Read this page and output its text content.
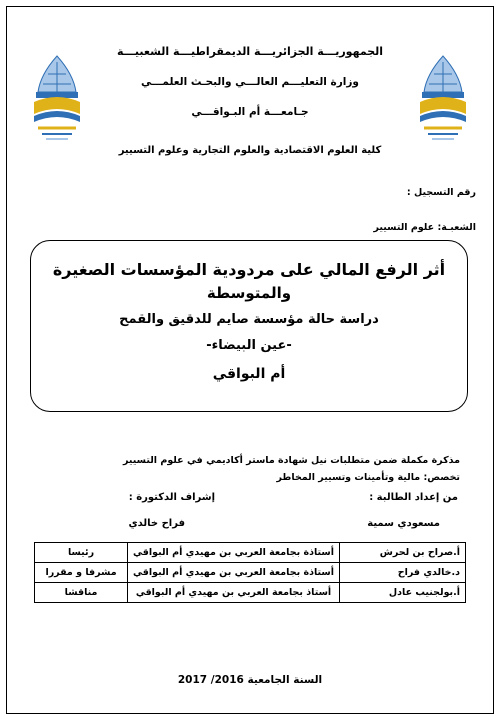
الجمهوريـــة الجزائريـــة الديمقراطيـــة الشعبيـــة
وزارة التعليـــم العالـــي والبحـث العلمـــي
جـامعـــة أم البـواقـــي
كلية العلوم الاقتصادية والعلوم التجارية وعلوم التسيير
رقم التسجيل :
الشعبـة: علوم التسيير
أثر الرفع المالي على مردودية المؤسسات الصغيرة
والمتوسطة
دراسة حالة مؤسسة صايم للدقيق والقمح
-عين البيضاء-
أم البواقي
مذكرة مكملة ضمن متطلبات نيل شهادة ماستر أكاديمي في علوم التسيير
تخصص: مالية وتأمينات وتسيير المخاطر
من إعداد الطالبة :
إشراف الدكتورة :
مسعودي سمية
فراح خالدي
أ.صراح بن لحرش	أستاذة بجامعة العربي بن مهيدي أم البواقي	رئيسا
د.خالدي فراح	أستاذة بجامعة العربي بن مهيدي أم البواقي	مشرفا و مقررا
أ.بولجنيب عادل	أستاذ بجامعة العربي بن مهيدي أم البواقي	مناقشا
السنة الجامعية 2016/ 2017
